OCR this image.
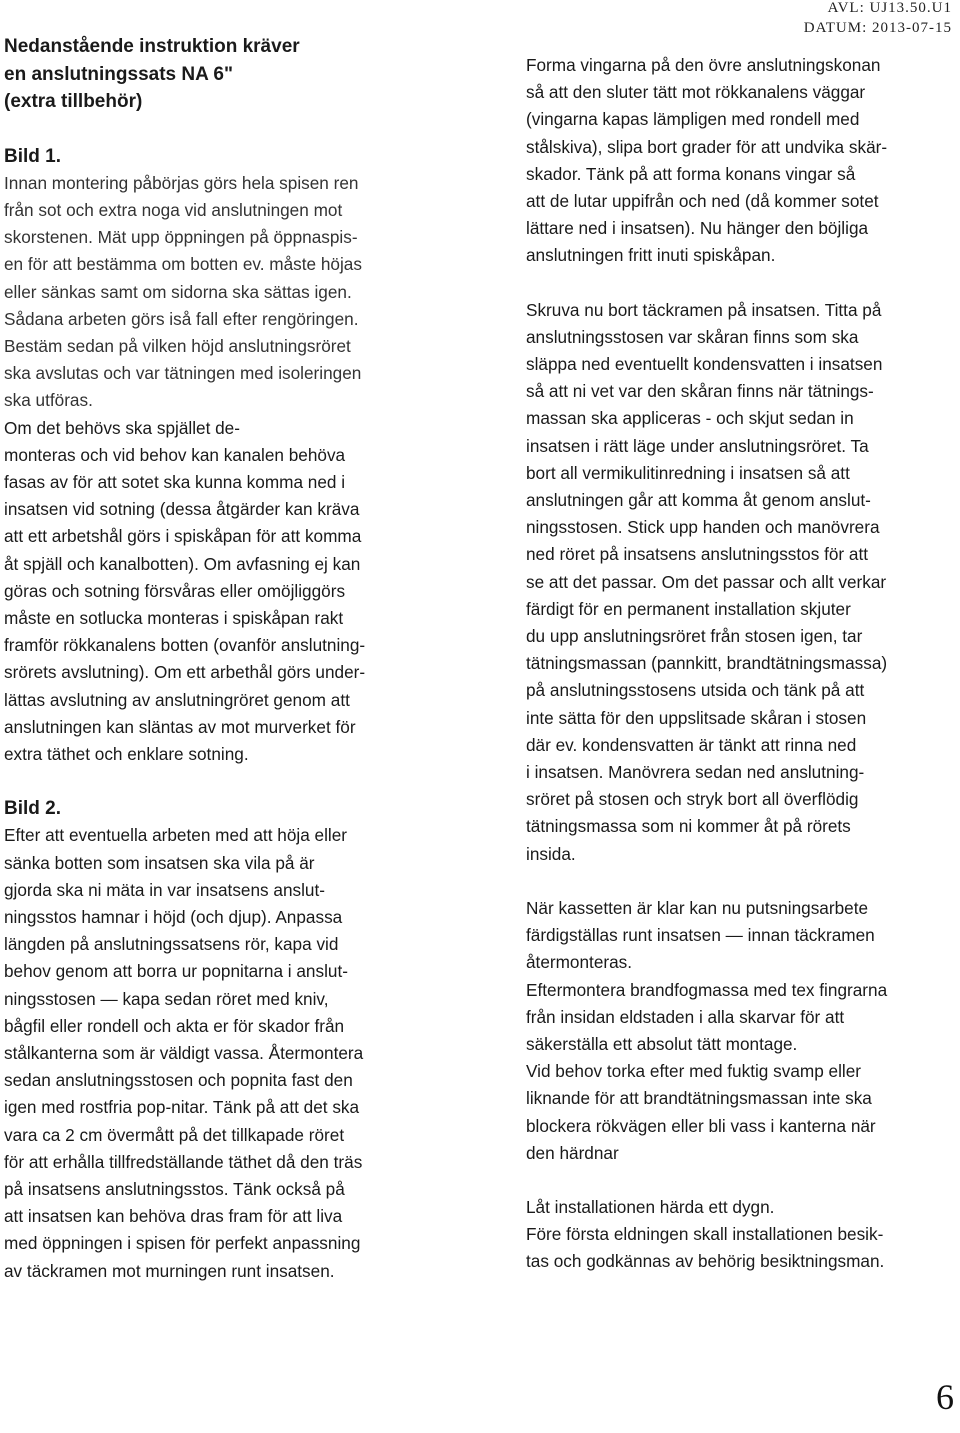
AVL: UJ13.50.U1
DATUM: 2013-07-15
Nedanstående instruktion kräver
en anslutningssats NA 6"
(extra tillbehör)
Bild 1.
Innan montering påbörjas görs hela spisen ren
från sot och extra noga vid anslutningen mot
skorstenen. Mät upp öppningen på öppnaspis-
en för att bestämma om botten ev. måste höjas
eller sänkas samt om sidorna ska sättas igen.
Sådana arbeten görs iså fall efter rengöringen.
Bestäm sedan på vilken höjd anslutningsröret
ska avslutas och var tätningen med isoleringen
ska utföras.
Om det behövs ska spjället de-
monteras och vid behov kan kanalen behöva
fasas av för att sotet ska kunna komma ned i
insatsen vid sotning (dessa åtgärder kan kräva
att ett arbetshål görs i spiskåpan för att komma
åt spjäll och kanalbotten). Om avfasning ej kan
göras och sotning försvåras eller omöjliggörs
måste en sotlucka monteras i spiskåpan rakt
framför rökkanalens botten (ovanför anslutning-
srörets avslutning). Om ett arbethål görs under-
lättas avslutning av anslutningröret genom att
anslutningen kan släntas av mot murverket för
extra täthet och enklare sotning.
Bild 2.
Efter att eventuella arbeten med att höja eller
sänka botten som insatsen ska vila på är
gjorda ska ni mäta in var insatsens anslut-
ningsstos hamnar i höjd (och djup). Anpassa
längden på anslutningssatsens rör, kapa vid
behov genom att borra ur popnitarna i anslut-
ningsstosen — kapa sedan röret med kniv,
bågfil eller rondell och akta er för skador från
stålkanterna som är väldigt vassa. Återmontera
sedan anslutningsstosen och popnita fast den
igen med rostfria pop-nitar. Tänk på att det ska
vara ca 2 cm övermått på det tillkapade röret
för att erhålla tillfredställande täthet då den träs
på insatsens anslutningsstos. Tänk också på
att insatsen kan behöva dras fram för att liva
med öppningen i spisen för perfekt anpassning
av täckramen mot murningen runt insatsen.
Forma vingarna på den övre anslutningskonan
så att den sluter tätt mot rökkanalens väggar
(vingarna kapas lämpligen med rondell med
stålskiva), slipa bort grader för att undvika skär-
skador. Tänk på att forma konans vingar så
att de lutar uppifrån och ned (då kommer sotet
lättare ned i insatsen). Nu hänger den böjliga
anslutningen fritt inuti spiskåpan.
Skruva nu bort täckramen på insatsen. Titta på
anslutningsstosen var skåran finns som ska
släppa ned eventuellt kondensvatten i insatsen
så att ni vet var den skåran finns när tätnings-
massan ska appliceras - och skjut sedan in
insatsen i rätt läge under anslutningsröret. Ta
bort all vermikulitinredning i insatsen så att
anslutningen går att komma åt genom anslut-
ningsstosen. Stick upp handen och manövrera
ned röret på insatsens anslutningsstos för att
se att det passar. Om det passar och allt verkar
färdigt för en permanent installation skjuter
du upp anslutningsröret från stosen igen, tar
tätningsmassan (pannkitt, brandtätningsmassa)
på anslutningsstosens utsida och tänk på att
inte sätta för den uppslitsade skåran i stosen
där ev. kondensvatten är tänkt att rinna ned
i insatsen. Manövrera sedan ned anslutning-
sröret på stosen och stryk bort all överflödig
tätningsmassa som ni kommer åt på rörets
insida.
När kassetten är klar kan nu putsningsarbete
färdigställas runt insatsen — innan täckramen
återmonteras.
Eftermontera brandfogmassa med tex fingrarna
från insidan eldstaden i alla skarvar för att
säkerställa ett absolut tätt montage.
Vid behov torka efter med fuktig svamp eller
liknande för att brandtätningsmassan inte ska
blockera rökvägen eller bli vass i kanterna när
den härdnar
Låt installationen härda ett dygn.
Före första eldningen skall installationen besik-
tas och godkännas av behörig besiktningsman.
6
